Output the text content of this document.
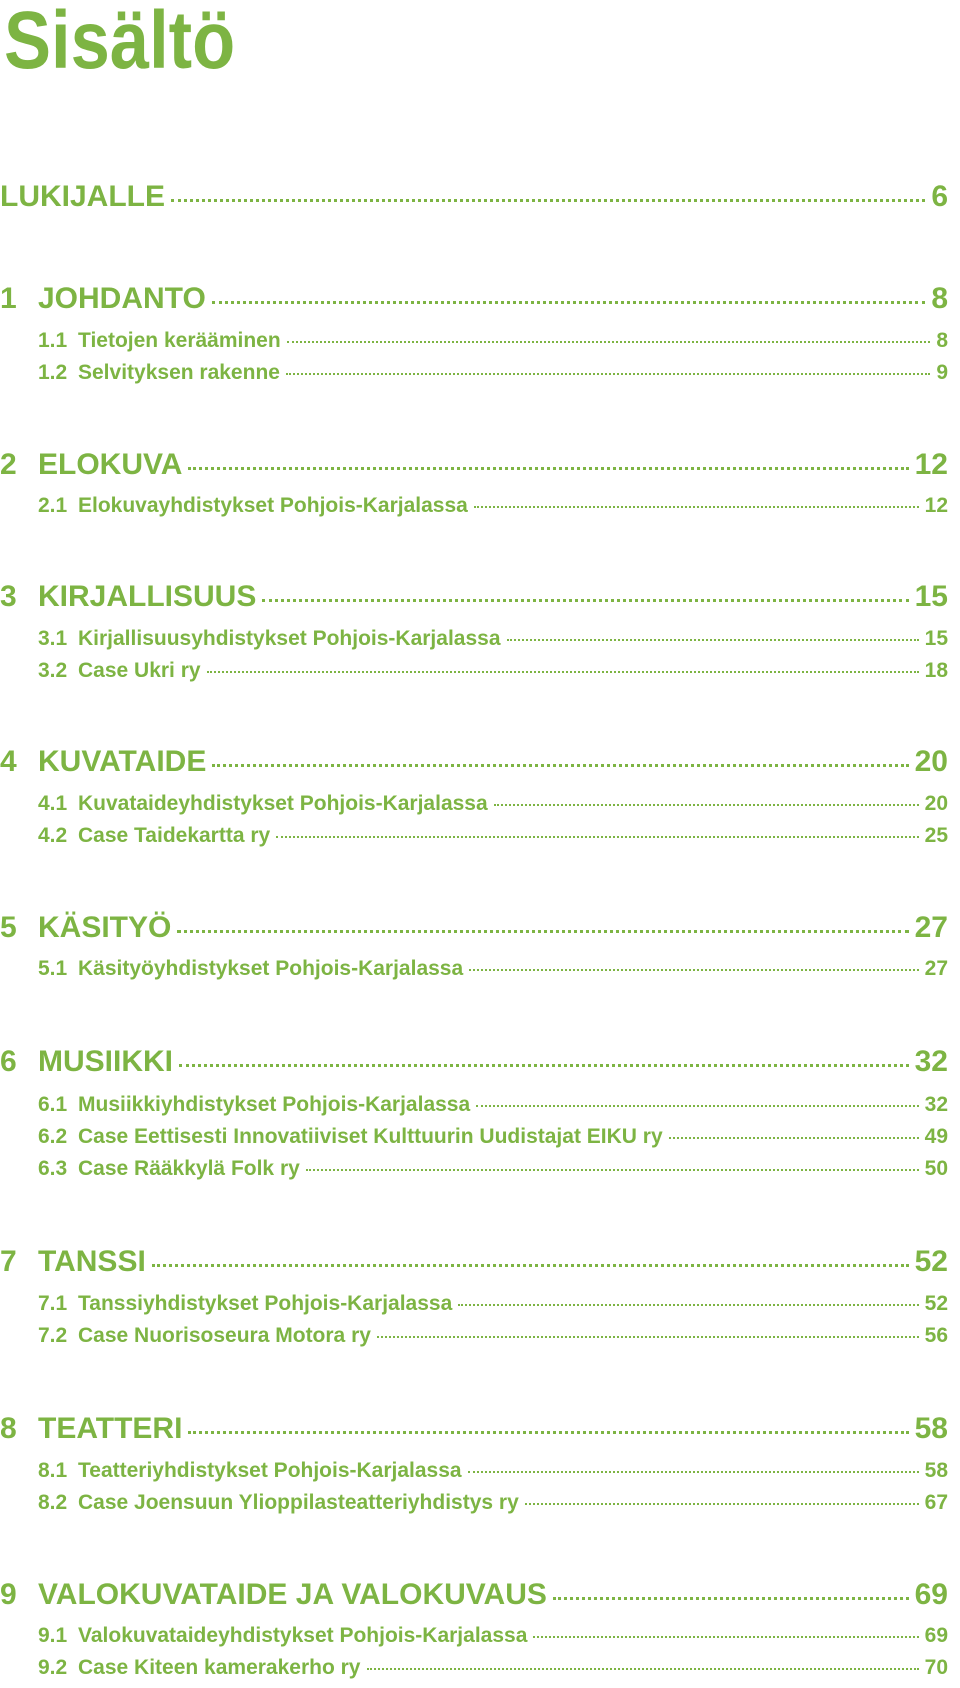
Sisältö
LUKIJALLE	6
1 JOHDANTO	8
1.1 Tietojen kerääminen	8
1.2 Selvityksen rakenne	9
2 ELOKUVA	12
2.1 Elokuvayhdistykset Pohjois-Karjalassa	12
3 KIRJALLISUUS	15
3.1 Kirjallisuusyhdistykset Pohjois-Karjalassa	15
3.2 Case Ukri ry	18
4 KUVATAIDE	20
4.1 Kuvataideyhdistykset Pohjois-Karjalassa	20
4.2 Case Taidekartta ry	25
5 KÄSITYÖ	27
5.1 Käsityöyhdistykset Pohjois-Karjalassa	27
6 MUSIIKKI	32
6.1 Musiikkiyhdistykset Pohjois-Karjalassa	32
6.2 Case Eettisesti Innovatiiviset Kulttuurin Uudistajat EIKU ry	49
6.3 Case Rääkkylä Folk ry	50
7 TANSSI	52
7.1 Tanssiyhdistykset Pohjois-Karjalassa	52
7.2 Case Nuorisoseura Motora ry	56
8 TEATTERI	58
8.1 Teatteriyhdistykset Pohjois-Karjalassa	58
8.2 Case Joensuun Ylioppilasteatteriyhdistys ry	67
9 VALOKUVATAIDE JA VALOKUVAUS	69
9.1 Valokuvataideyhdistykset Pohjois-Karjalassa	69
9.2 Case Kiteen kamerakerho ry	70
